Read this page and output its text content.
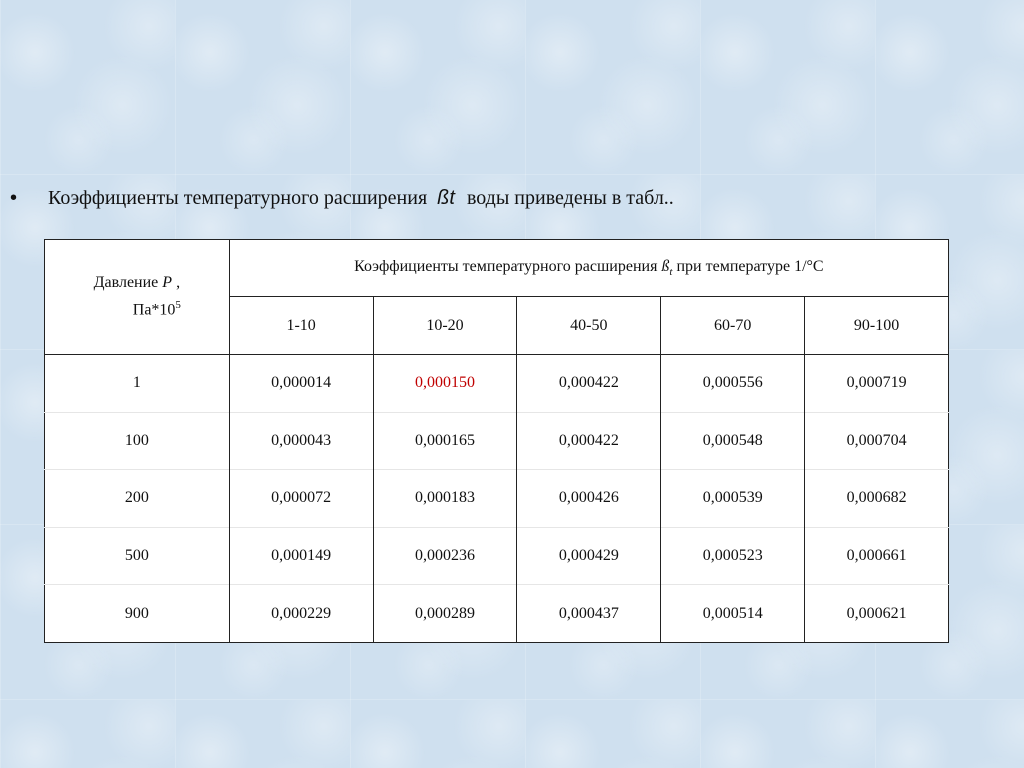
• Коэффициенты температурного расширения ßt воды приведены в табл..
Давление P ,
$Па*10^5$	Коэффициенты температурного расширения $ß_t$ при температуре 1/°С				
	1-10	10-20	40-50	60-70	90-100
1	0,000014	0,000150	0,000422	0,000556	0,000719
100	0,000043	0,000165	0,000422	0,000548	0,000704
200	0,000072	0,000183	0,000426	0,000539	0,000682
500	0,000149	0,000236	0,000429	0,000523	0,000661
900	0,000229	0,000289	0,000437	0,000514	0,000621
